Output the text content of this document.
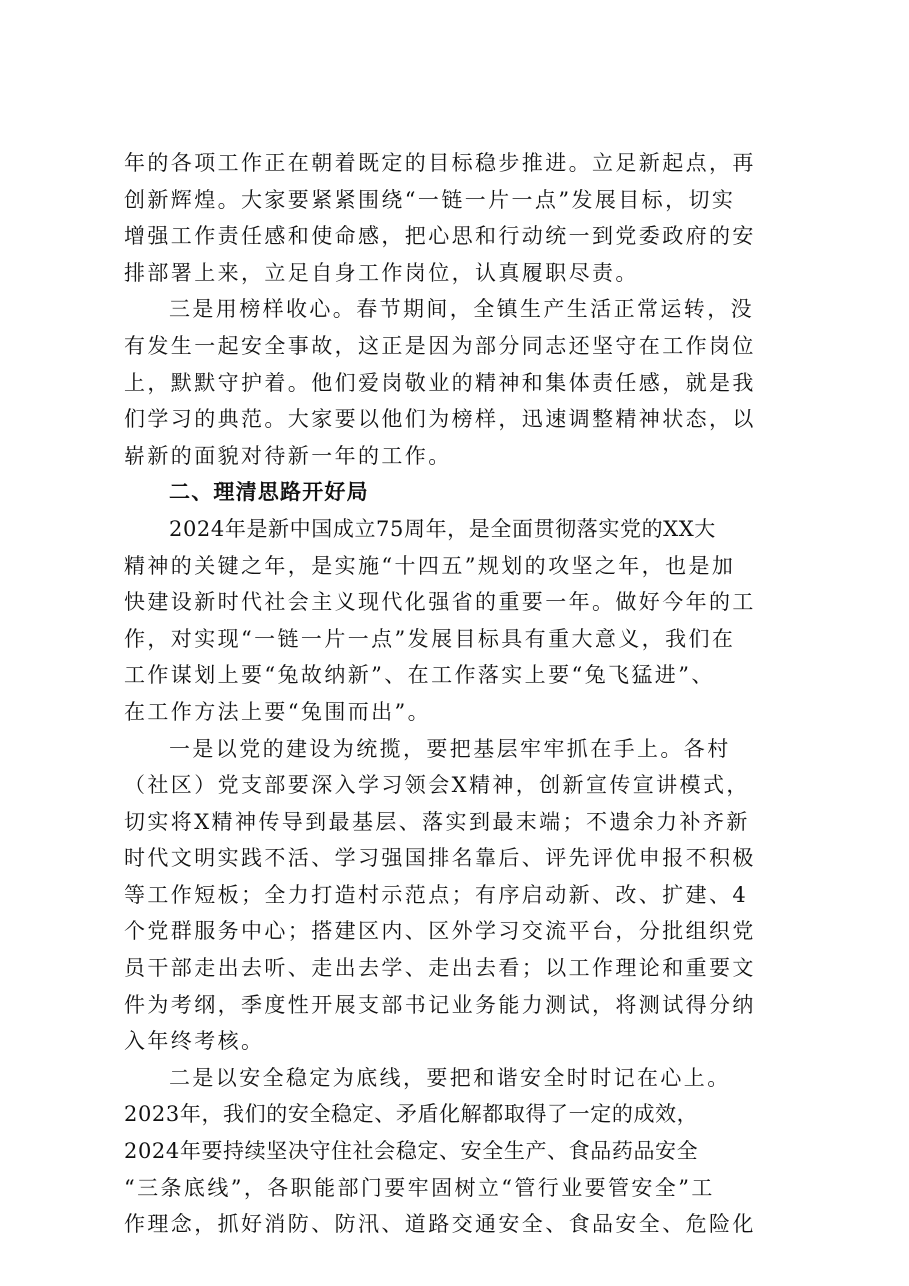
年的各项工作正在朝着既定的目标稳步推进。立足新起点，再
创新辉煌。大家要紧紧围绕“一链一片一点”发展目标，切实
增强工作责任感和使命感，把心思和行动统一到党委政府的安
排部署上来，立足自身工作岗位，认真履职尽责。
三是用榜样收心。春节期间，全镇生产生活正常运转，没
有发生一起安全事故，这正是因为部分同志还坚守在工作岗位
上，默默守护着。他们爱岗敬业的精神和集体责任感，就是我
们学习的典范。大家要以他们为榜样，迅速调整精神状态，以
崭新的面貌对待新一年的工作。
二、理清思路开好局
2024年是新中国成立75周年，是全面贯彻落实党的XX大
精神的关键之年，是实施“十四五”规划的攻坚之年，也是加
快建设新时代社会主义现代化强省的重要一年。做好今年的工
作，对实现“一链一片一点”发展目标具有重大意义，我们在
工作谋划上要“兔故纳新”、在工作落实上要“兔飞猛进”、
在工作方法上要“兔围而出”。
一是以党的建设为统揽，要把基层牢牢抓在手上。各村
（社区）党支部要深入学习领会X精神，创新宣传宣讲模式，
切实将X精神传导到最基层、落实到最末端；不遗余力补齐新
时代文明实践不活、学习强国排名靠后、评先评优申报不积极
等工作短板；全力打造村示范点；有序启动新、改、扩建、4
个党群服务中心；搭建区内、区外学习交流平台，分批组织党
员干部走出去听、走出去学、走出去看；以工作理论和重要文
件为考纲，季度性开展支部书记业务能力测试，将测试得分纳
入年终考核。
二是以安全稳定为底线，要把和谐安全时时记在心上。
2023年，我们的安全稳定、矛盾化解都取得了一定的成效，
2024年要持续坚决守住社会稳定、安全生产、食品药品安全
“三条底线”，各职能部门要牢固树立“管行业要管安全”工
作理念，抓好消防、防汛、道路交通安全、食品安全、危险化
